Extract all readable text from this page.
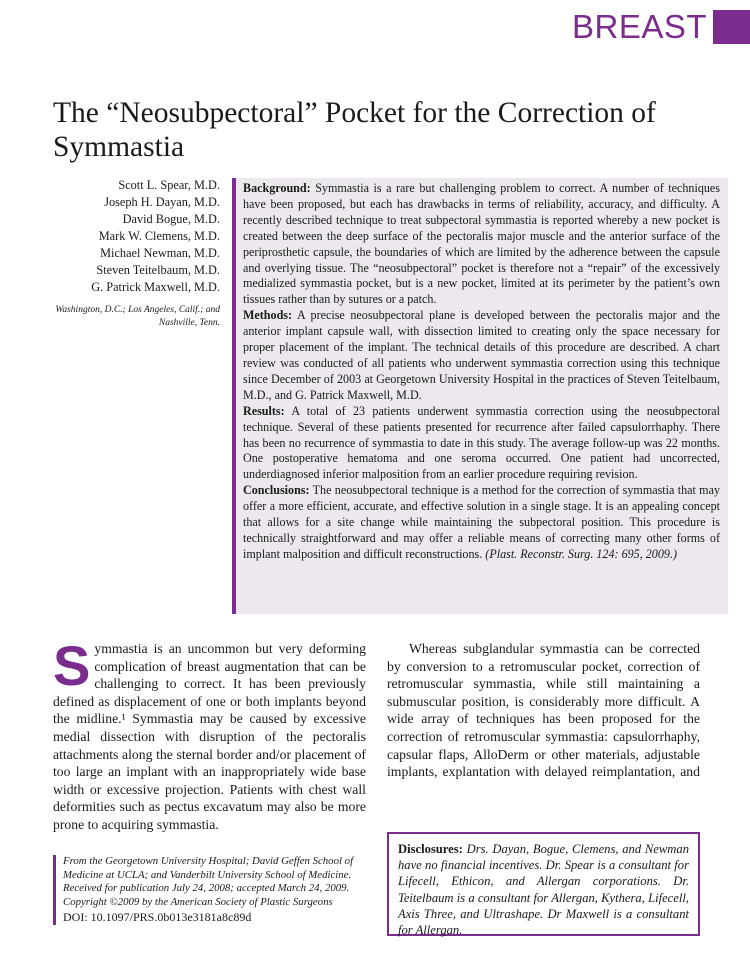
BREAST
The “Neosubpectoral” Pocket for the Correction of Symmastia
Scott L. Spear, M.D.
Joseph H. Dayan, M.D.
David Bogue, M.D.
Mark W. Clemens, M.D.
Michael Newman, M.D.
Steven Teitelbaum, M.D.
G. Patrick Maxwell, M.D.
Washington, D.C.; Los Angeles, Calif.; and Nashville, Tenn.

Background: Symmastia is a rare but challenging problem to correct. A number of techniques have been proposed, but each has drawbacks in terms of reliability, accuracy, and difficulty. A recently described technique to treat subpectoral symmastia is reported whereby a new pocket is created between the deep surface of the pectoralis major muscle and the anterior surface of the periprosthetic capsule, the boundaries of which are limited by the adherence between the capsule and overlying tissue. The “neosubpectoral” pocket is therefore not a “repair” of the excessively medialized symmastia pocket, but is a new pocket, limited at its perimeter by the patient’s own tissues rather than by sutures or a patch.

Methods: A precise neosubpectoral plane is developed between the pectoralis major and the anterior implant capsule wall, with dissection limited to creating only the space necessary for proper placement of the implant. The technical details of this procedure are described. A chart review was conducted of all patients who underwent symmastia correction using this technique since December of 2003 at Georgetown University Hospital in the practices of Steven Teitelbaum, M.D., and G. Patrick Maxwell, M.D.

Results: A total of 23 patients underwent symmastia correction using the neosubpectoral technique. Several of these patients presented for recurrence after failed capsulorrhaphy. There has been no recurrence of symmastia to date in this study. The average follow-up was 22 months. One postoperative hematoma and one seroma occurred. One patient had uncorrected, underdiagnosed inferior malposition from an earlier procedure requiring revision.

Conclusions: The neosubpectoral technique is a method for the correction of symmastia that may offer a more efficient, accurate, and effective solution in a single stage. It is an appealing concept that allows for a site change while maintaining the subpectoral position. This procedure is technically straightforward and may offer a reliable means of correcting many other forms of implant malposition and difficult reconstructions. (Plast. Reconstr. Surg. 124: 695, 2009.)

Symmastia is an uncommon but very deforming complication of breast augmentation that can be challenging to correct. It has been previously defined as displacement of one or both implants beyond the midline.¹ Symmastia may be caused by excessive medial dissection with disruption of the pectoralis attachments along the sternal border and/or placement of too large an implant with an inappropriately wide base width or excessive projection. Patients with chest wall deformities such as pectus excavatum may also be more prone to acquiring symmastia.

Whereas subglandular symmastia can be corrected by conversion to a retromuscular pocket, correction of retromuscular symmastia, while still maintaining a submuscular position, is considerably more difficult. A wide array of techniques has been proposed for the correction of retromuscular symmastia: capsulorrhaphy, capsular flaps, AlloDerm or other materials, adjustable implants, explantation with delayed reimplantation, and

From the Georgetown University Hospital; David Geffen School of Medicine at UCLA; and Vanderbilt University School of Medicine.
Received for publication July 24, 2008; accepted March 24, 2009.
Copyright ©2009 by the American Society of Plastic Surgeons
DOI: 10.1097/PRS.0b013e3181a8c89d
Disclosures: Drs. Dayan, Bogue, Clemens, and Newman have no financial incentives. Dr. Spear is a consultant for Lifecell, Ethicon, and Allergan corporations. Dr. Teitelbaum is a consultant for Allergan, Kythera, Lifecell, Axis Three, and Ultrashape. Dr Maxwell is a consultant for Allergan.
